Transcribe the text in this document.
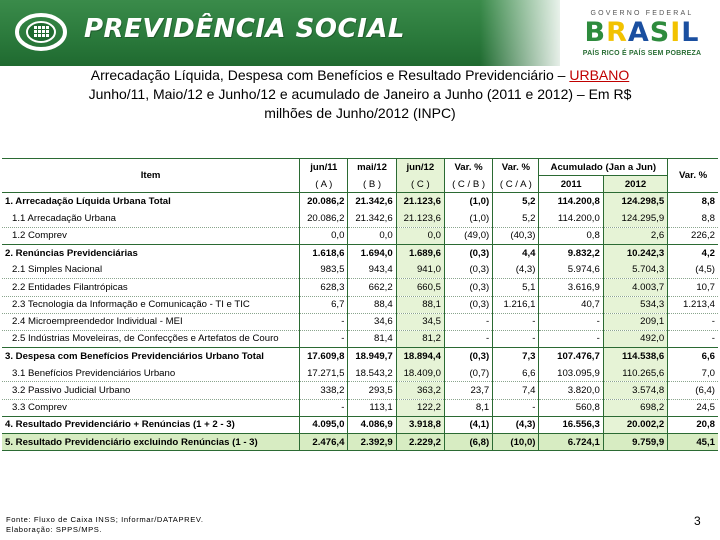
PREVIDÊNCIA SOCIAL
GOVERNO FEDERAL
BRASIL
PAÍS RICO É PAÍS SEM POBREZA
Arrecadação Líquida, Despesa com Benefícios e Resultado Previdenciário – URBANO
Junho/11, Maio/12 e Junho/12 e acumulado de Janeiro a Junho (2011 e 2012) – Em R$
milhões de Junho/2012 (INPC)
Item	jun/11	mai/12	jun/12	Var. %	Var. %	Acumulado (Jan a Jun)		Var. %
	( A )	( B )	( C )	( C / B )	( C / A )	2011	2012	
1. Arrecadação Líquida Urbana Total	20.086,2	21.342,6	21.123,6	(1,0)	5,2	114.200,8	124.298,5	8,8
1.1 Arrecadação Urbana	20.086,2	21.342,6	21.123,6	(1,0)	5,2	114.200,0	124.295,9	8,8
1.2 Comprev	0,0	0,0	0,0	(49,0)	(40,3)	0,8	2,6	226,2
2. Renúncias Previdenciárias	1.618,6	1.694,0	1.689,6	(0,3)	4,4	9.832,2	10.242,3	4,2
2.1 Simples Nacional	983,5	943,4	941,0	(0,3)	(4,3)	5.974,6	5.704,3	(4,5)
2.2 Entidades Filantrópicas	628,3	662,2	660,5	(0,3)	5,1	3.616,9	4.003,7	10,7
2.3 Tecnologia da Informação e Comunicação - TI e TIC	6,7	88,4	88,1	(0,3)	1.216,1	40,7	534,3	1.213,4
2.4 Microempreendedor Individual - MEI	-	34,6	34,5	-	-	-	209,1	-
2.5 Indústrias Moveleiras, de Confecções e Artefatos de Couro	-	81,4	81,2	-	-	-	492,0	-
3. Despesa com Benefícios Previdenciários Urbano Total	17.609,8	18.949,7	18.894,4	(0,3)	7,3	107.476,7	114.538,6	6,6
3.1 Benefícios Previdenciários Urbano	17.271,5	18.543,2	18.409,0	(0,7)	6,6	103.095,9	110.265,6	7,0
3.2 Passivo Judicial Urbano	338,2	293,5	363,2	23,7	7,4	3.820,0	3.574,8	(6,4)
3.3 Comprev	-	113,1	122,2	8,1	-	560,8	698,2	24,5
4. Resultado Previdenciário + Renúncias (1 + 2 - 3)	4.095,0	4.086,9	3.918,8	(4,1)	(4,3)	16.556,3	20.002,2	20,8
5. Resultado Previdenciário excluindo Renúncias (1 - 3)	2.476,4	2.392,9	2.229,2	(6,8)	(10,0)	6.724,1	9.759,9	45,1
Fonte: Fluxo de Caixa INSS; Informar/DATAPREV.
Elaboração: SPPS/MPS.
3
